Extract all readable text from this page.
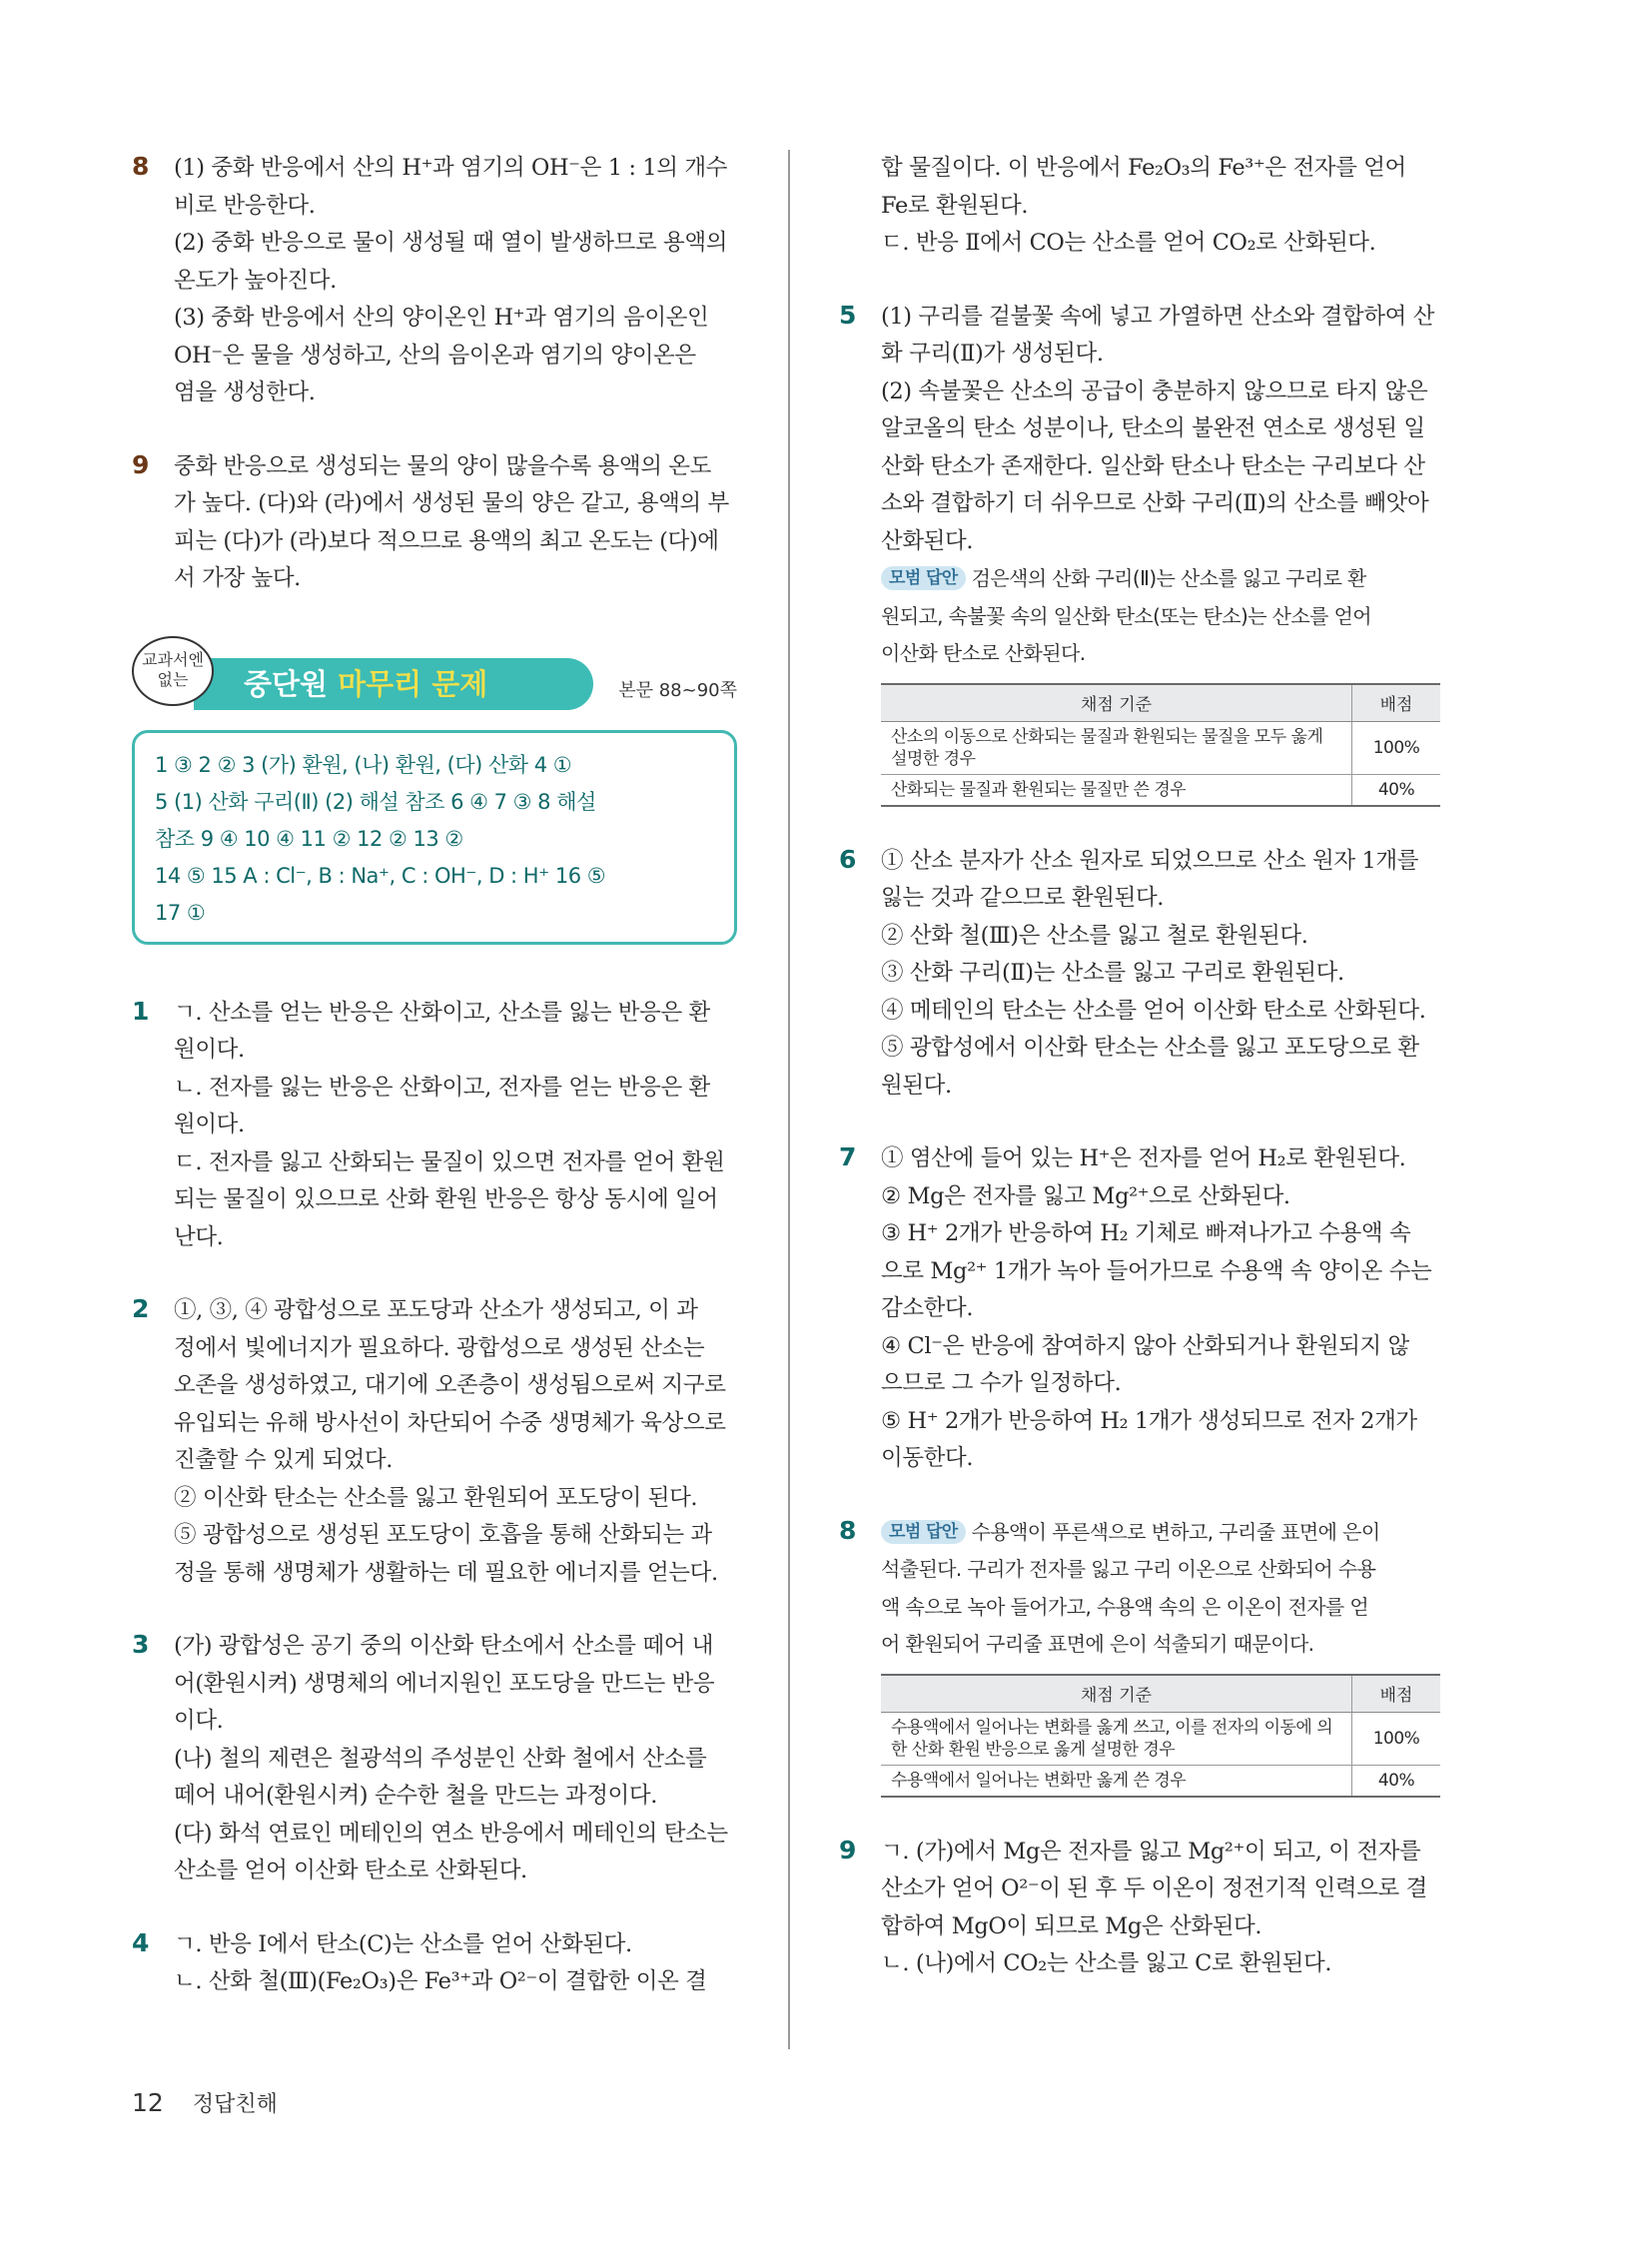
8 (1) 중화 반응에서 산의 H⁺과 염기의 OH⁻은 1 : 1의 개수
비로 반응한다.
(2) 중화 반응으로 물이 생성될 때 열이 발생하므로 용액의
온도가 높아진다.
(3) 중화 반응에서 산의 양이온인 H⁺과 염기의 음이온인
OH⁻은 물을 생성하고, 산의 음이온과 염기의 양이온은
염을 생성한다.
9 중화 반응으로 생성되는 물의 양이 많을수록 용액의 온도
가 높다. (다)와 (라)에서 생성된 물의 양은 같고, 용액의 부
피는 (다)가 (라)보다 적으므로 용액의 최고 온도는 (다)에
서 가장 높다.
교과서엔
없는	중단원 마무리 문제	본문 88~90쪽
1 ③ 2 ② 3 (가) 환원, (나) 환원, (다) 산화 4 ①
5 (1) 산화 구리(Ⅱ) (2) 해설 참조 6 ④ 7 ③ 8 해설
참조 9 ④ 10 ④ 11 ② 12 ② 13 ②
14 ⑤ 15 A : Cl⁻, B : Na⁺, C : OH⁻, D : H⁺ 16 ⑤
17 ①
1 ㄱ. 산소를 얻는 반응은 산화이고, 산소를 잃는 반응은 환
원이다.
ㄴ. 전자를 잃는 반응은 산화이고, 전자를 얻는 반응은 환
원이다.
ㄷ. 전자를 잃고 산화되는 물질이 있으면 전자를 얻어 환원
되는 물질이 있으므로 산화 환원 반응은 항상 동시에 일어
난다.
2 ①, ③, ④ 광합성으로 포도당과 산소가 생성되고, 이 과
정에서 빛에너지가 필요하다. 광합성으로 생성된 산소는
오존을 생성하였고, 대기에 오존층이 생성됨으로써 지구로
유입되는 유해 방사선이 차단되어 수중 생명체가 육상으로
진출할 수 있게 되었다.
② 이산화 탄소는 산소를 잃고 환원되어 포도당이 된다.
⑤ 광합성으로 생성된 포도당이 호흡을 통해 산화되는 과
정을 통해 생명체가 생활하는 데 필요한 에너지를 얻는다.
3 (가) 광합성은 공기 중의 이산화 탄소에서 산소를 떼어 내
어(환원시켜) 생명체의 에너지원인 포도당을 만드는 반응
이다.
(나) 철의 제련은 철광석의 주성분인 산화 철에서 산소를
떼어 내어(환원시켜) 순수한 철을 만드는 과정이다.
(다) 화석 연료인 메테인의 연소 반응에서 메테인의 탄소는
산소를 얻어 이산화 탄소로 산화된다.
4 ㄱ. 반응 Ⅰ에서 탄소(C)는 산소를 얻어 산화된다.
ㄴ. 산화 철(Ⅲ)(Fe₂O₃)은 Fe³⁺과 O²⁻이 결합한 이온 결
합 물질이다. 이 반응에서 Fe₂O₃의 Fe³⁺은 전자를 얻어
Fe로 환원된다.
ㄷ. 반응 Ⅱ에서 CO는 산소를 얻어 CO₂로 산화된다.
5 (1) 구리를 겉불꽃 속에 넣고 가열하면 산소와 결합하여 산
화 구리(Ⅱ)가 생성된다.
(2) 속불꽃은 산소의 공급이 충분하지 않으므로 타지 않은
알코올의 탄소 성분이나, 탄소의 불완전 연소로 생성된 일
산화 탄소가 존재한다. 일산화 탄소나 탄소는 구리보다 산
소와 결합하기 더 쉬우므로 산화 구리(Ⅱ)의 산소를 빼앗아
산화된다.
모범 답안 검은색의 산화 구리(Ⅱ)는 산소를 잃고 구리로 환
원되고, 속불꽃 속의 일산화 탄소(또는 탄소)는 산소를 얻어
이산화 탄소로 산화된다.
채점 기준	배점
산소의 이동으로 산화되는 물질과 환원되는 물질을 모두 옳게 설명한 경우	100%
산화되는 물질과 환원되는 물질만 쓴 경우	40%
6 ① 산소 분자가 산소 원자로 되었으므로 산소 원자 1개를
잃는 것과 같으므로 환원된다.
② 산화 철(Ⅲ)은 산소를 잃고 철로 환원된다.
③ 산화 구리(Ⅱ)는 산소를 잃고 구리로 환원된다.
④ 메테인의 탄소는 산소를 얻어 이산화 탄소로 산화된다.
⑤ 광합성에서 이산화 탄소는 산소를 잃고 포도당으로 환
원된다.
7 ① 염산에 들어 있는 H⁺은 전자를 얻어 H₂로 환원된다.
② Mg은 전자를 잃고 Mg²⁺으로 산화된다.
③ H⁺ 2개가 반응하여 H₂ 기체로 빠져나가고 수용액 속
으로 Mg²⁺ 1개가 녹아 들어가므로 수용액 속 양이온 수는
감소한다.
④ Cl⁻은 반응에 참여하지 않아 산화되거나 환원되지 않
으므로 그 수가 일정하다.
⑤ H⁺ 2개가 반응하여 H₂ 1개가 생성되므로 전자 2개가
이동한다.
8	모범 답안 수용액이 푸른색으로 변하고, 구리줄 표면에 은이
석출된다. 구리가 전자를 잃고 구리 이온으로 산화되어 수용
액 속으로 녹아 들어가고, 수용액 속의 은 이온이 전자를 얻
어 환원되어 구리줄 표면에 은이 석출되기 때문이다.
채점 기준	배점
수용액에서 일어나는 변화를 옳게 쓰고, 이를 전자의 이동에 의한 산화 환원 반응으로 옳게 설명한 경우	100%
수용액에서 일어나는 변화만 옳게 쓴 경우	40%
9 ㄱ. (가)에서 Mg은 전자를 잃고 Mg²⁺이 되고, 이 전자를
산소가 얻어 O²⁻이 된 후 두 이온이 정전기적 인력으로 결
합하여 MgO이 되므로 Mg은 산화된다.
ㄴ. (나)에서 CO₂는 산소를 잃고 C로 환원된다.
12 정답친해
